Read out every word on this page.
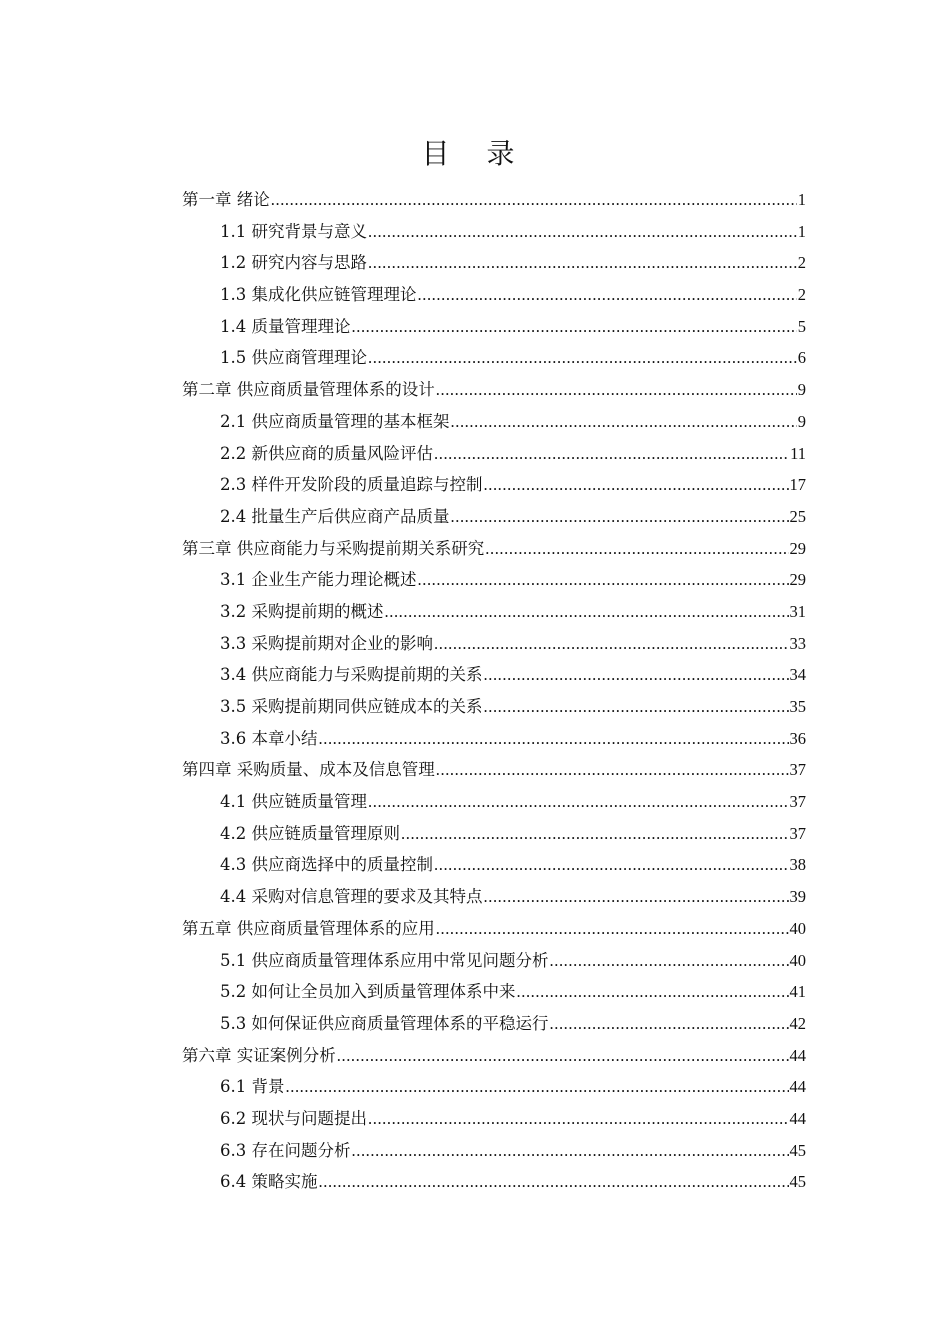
目 录
第一章 绪论 .....	1
1.1 研究背景与意义 .....	1
1.2 研究内容与思路 .....	2
1.3 集成化供应链管理理论 .....	2
1.4 质量管理理论 .....	5
1.5 供应商管理理论 .....	6
第二章 供应商质量管理体系的设计 .....	9
2.1 供应商质量管理的基本框架 .....	9
2.2 新供应商的质量风险评估 .....	11
2.3 样件开发阶段的质量追踪与控制 .....	17
2.4 批量生产后供应商产品质量 .....	25
第三章 供应商能力与采购提前期关系研究 .....	29
3.1 企业生产能力理论概述 .....	29
3.2 采购提前期的概述 .....	31
3.3 采购提前期对企业的影响 .....	33
3.4 供应商能力与采购提前期的关系 .....	34
3.5 采购提前期同供应链成本的关系 .....	35
3.6 本章小结 .....	36
第四章 采购质量、成本及信息管理 .....	37
4.1 供应链质量管理 .....	37
4.2 供应链质量管理原则 .....	37
4.3 供应商选择中的质量控制 .....	38
4.4 采购对信息管理的要求及其特点 .....	39
第五章 供应商质量管理体系的应用 .....	40
5.1 供应商质量管理体系应用中常见问题分析 .....	40
5.2 如何让全员加入到质量管理体系中来 .....	41
5.3 如何保证供应商质量管理体系的平稳运行 .....	42
第六章 实证案例分析 .....	44
6.1 背景 .....	44
6.2 现状与问题提出 .....	44
6.3 存在问题分析 .....	45
6.4 策略实施 .....	45
